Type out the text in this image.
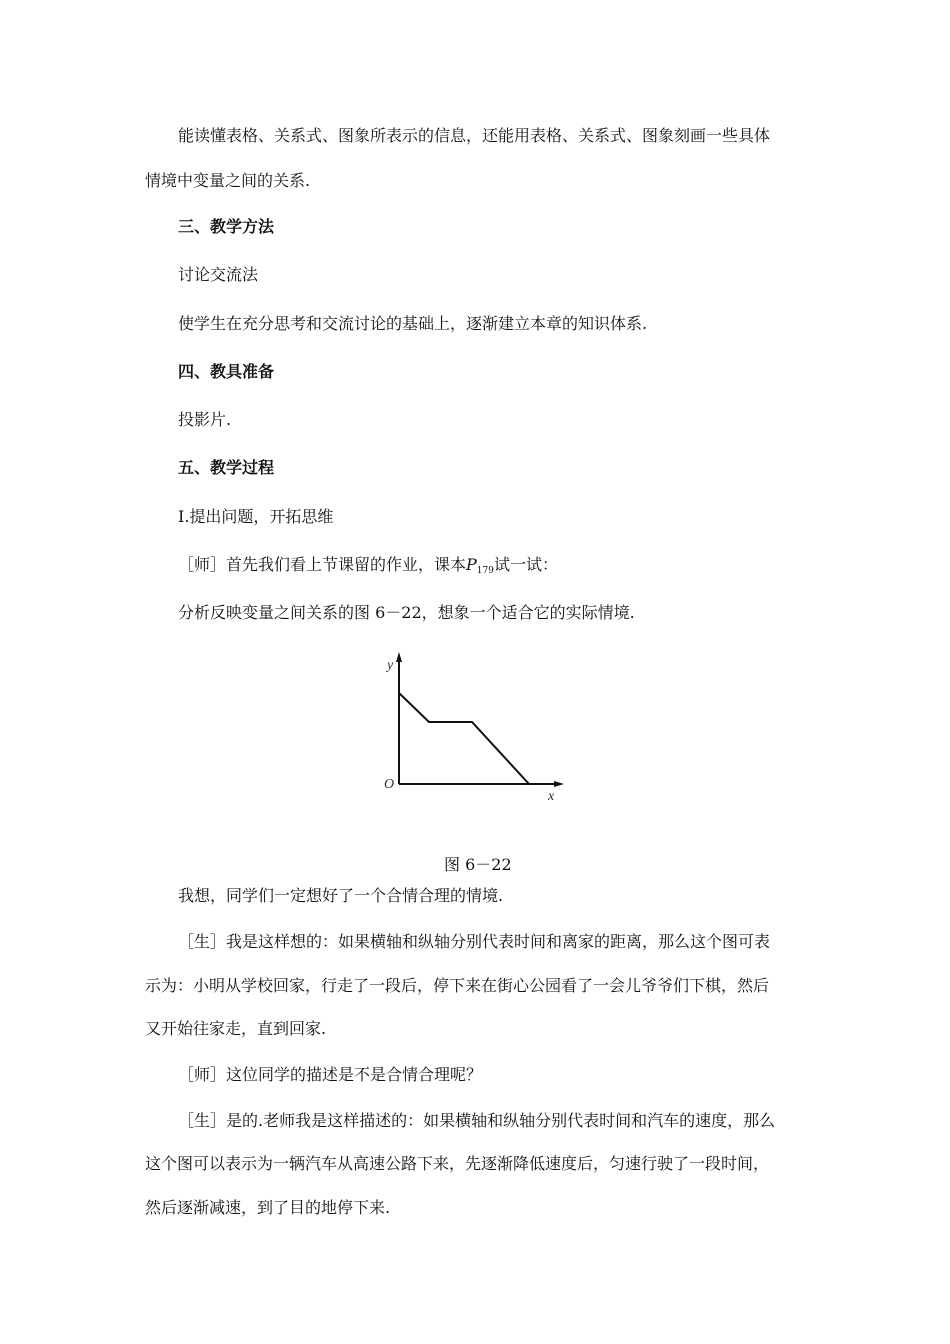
能读懂表格、关系式、图象所表示的信息，还能用表格、关系式、图象刻画一些具体

情境中变量之间的关系.

三、教学方法

讨论交流法

使学生在充分思考和交流讨论的基础上，逐渐建立本章的知识体系.

四、教具准备

投影片.

五、教学过程

Ⅰ.提出问题，开拓思维

［师］首先我们看上节课留的作业，课本$P_{179}$试一试：

分析反映变量之间关系的图 6－22，想象一个适合它的实际情境.

y
x
O

图 6－22

我想，同学们一定想好了一个合情合理的情境.

［生］我是这样想的：如果横轴和纵轴分别代表时间和离家的距离，那么这个图可表

示为：小明从学校回家，行走了一段后，停下来在街心公园看了一会儿爷爷们下棋，然后

又开始往家走，直到回家.

［师］这位同学的描述是不是合情合理呢？

［生］是的.老师我是这样描述的：如果横轴和纵轴分别代表时间和汽车的速度，那么

这个图可以表示为一辆汽车从高速公路下来，先逐渐降低速度后，匀速行驶了一段时间，

然后逐渐减速，到了目的地停下来.
